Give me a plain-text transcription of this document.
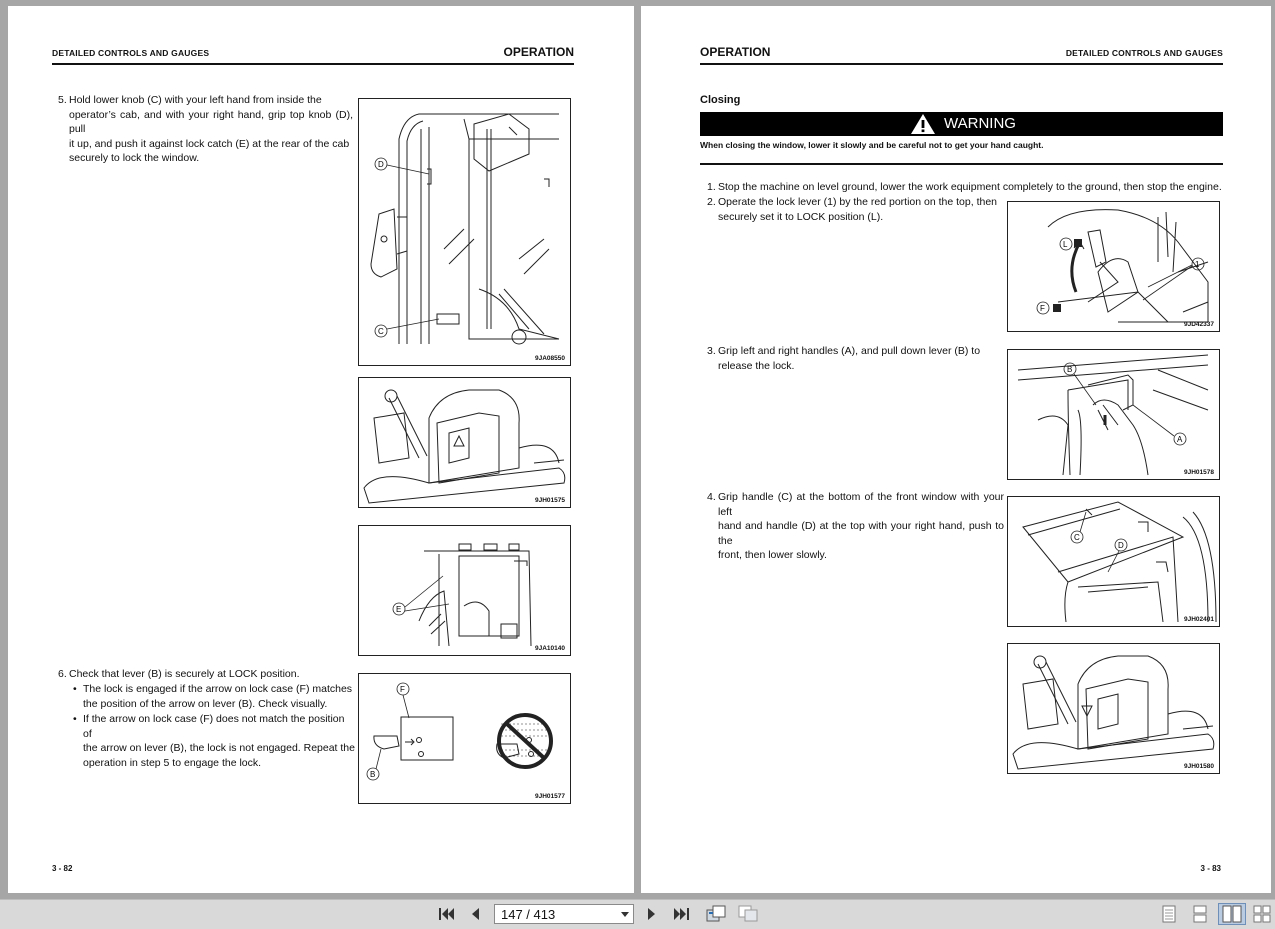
DETAILED CONTROLS AND GAUGES	OPERATION
5. Hold lower knob (C) with your left hand from inside the
operator’s cab, and with your right hand, grip top knob (D), pull
it up, and push it against lock catch (E) at the rear of the cab
securely to lock the window.
D
C
9JA08550
9JH01575
E
9JA10140
6. Check that lever (B) is securely at LOCK position.
• The lock is engaged if the arrow on lock case (F) matches
the position of the arrow on lever (B). Check visually.
• If the arrow on lock case (F) does not match the position of
the arrow on lever (B), the lock is not engaged. Repeat the
operation in step 5 to engage the lock.
F
B
9JH01577
3 - 82
OPERATION	DETAILED CONTROLS AND GAUGES
Closing
WARNING
When closing the window, lower it slowly and be careful not to get your hand caught.
1. Stop the machine on level ground, lower the work equipment completely to the ground, then stop the engine.
2. Operate the lock lever (1) by the red portion on the top, then
securely set it to LOCK position (L).
L
F
1
9JD42337
3. Grip left and right handles (A), and pull down lever (B) to
release the lock.	B
A
9JH01578
4. Grip handle (C) at the bottom of the front window with your left
hand and handle (D) at the top with your right hand, push to the
front, then lower slowly.
C
D
9JH02401
9JH01580
3 - 83
147 / 413
